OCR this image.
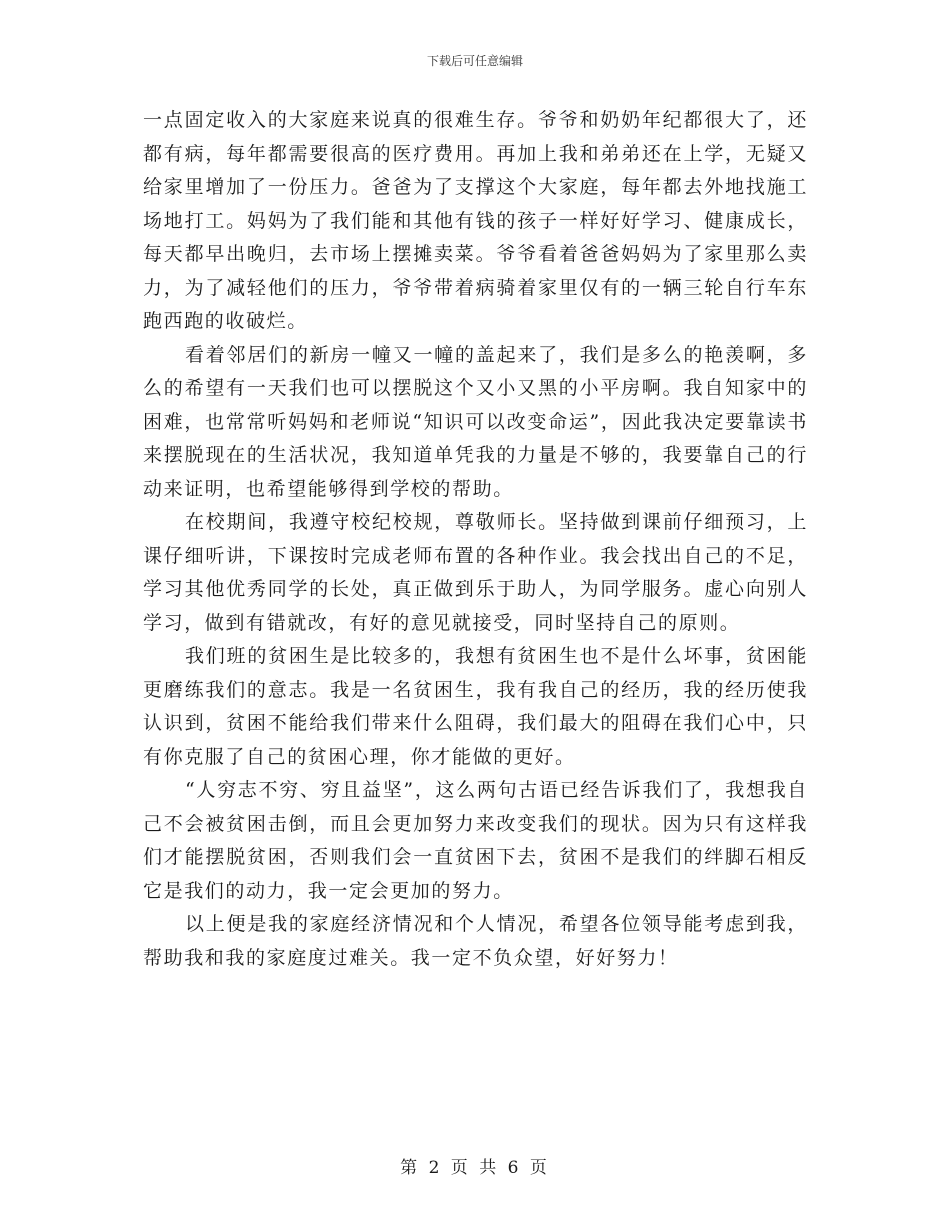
下载后可任意编辑

一点固定收入的大家庭来说真的很难生存。爷爷和奶奶年纪都很大了，还都有病，每年都需要很高的医疗费用。再加上我和弟弟还在上学，无疑又给家里增加了一份压力。爸爸为了支撑这个大家庭，每年都去外地找施工场地打工。妈妈为了我们能和其他有钱的孩子一样好好学习、健康成长，每天都早出晚归，去市场上摆摊卖菜。爷爷看着爸爸妈妈为了家里那么卖力，为了减轻他们的压力，爷爷带着病骑着家里仅有的一辆三轮自行车东跑西跑的收破烂。

看着邻居们的新房一幢又一幢的盖起来了，我们是多么的艳羡啊，多么的希望有一天我们也可以摆脱这个又小又黑的小平房啊。我自知家中的困难，也常常听妈妈和老师说“知识可以改变命运”，因此我决定要靠读书来摆脱现在的生活状况，我知道单凭我的力量是不够的，我要靠自己的行动来证明，也希望能够得到学校的帮助。

在校期间，我遵守校纪校规，尊敬师长。坚持做到课前仔细预习，上课仔细听讲，下课按时完成老师布置的各种作业。我会找出自己的不足，学习其他优秀同学的长处，真正做到乐于助人，为同学服务。虚心向别人学习，做到有错就改，有好的意见就接受，同时坚持自己的原则。

我们班的贫困生是比较多的，我想有贫困生也不是什么坏事，贫困能更磨练我们的意志。我是一名贫困生，我有我自己的经历，我的经历使我认识到，贫困不能给我们带来什么阻碍，我们最大的阻碍在我们心中，只有你克服了自己的贫困心理，你才能做的更好。

“人穷志不穷、穷且益坚”，这么两句古语已经告诉我们了，我想我自己不会被贫困击倒，而且会更加努力来改变我们的现状。因为只有这样我们才能摆脱贫困，否则我们会一直贫困下去，贫困不是我们的绊脚石相反它是我们的动力，我一定会更加的努力。

以上便是我的家庭经济情况和个人情况，希望各位领导能考虑到我，帮助我和我的家庭度过难关。我一定不负众望，好好努力！

第 2 页 共 6 页
